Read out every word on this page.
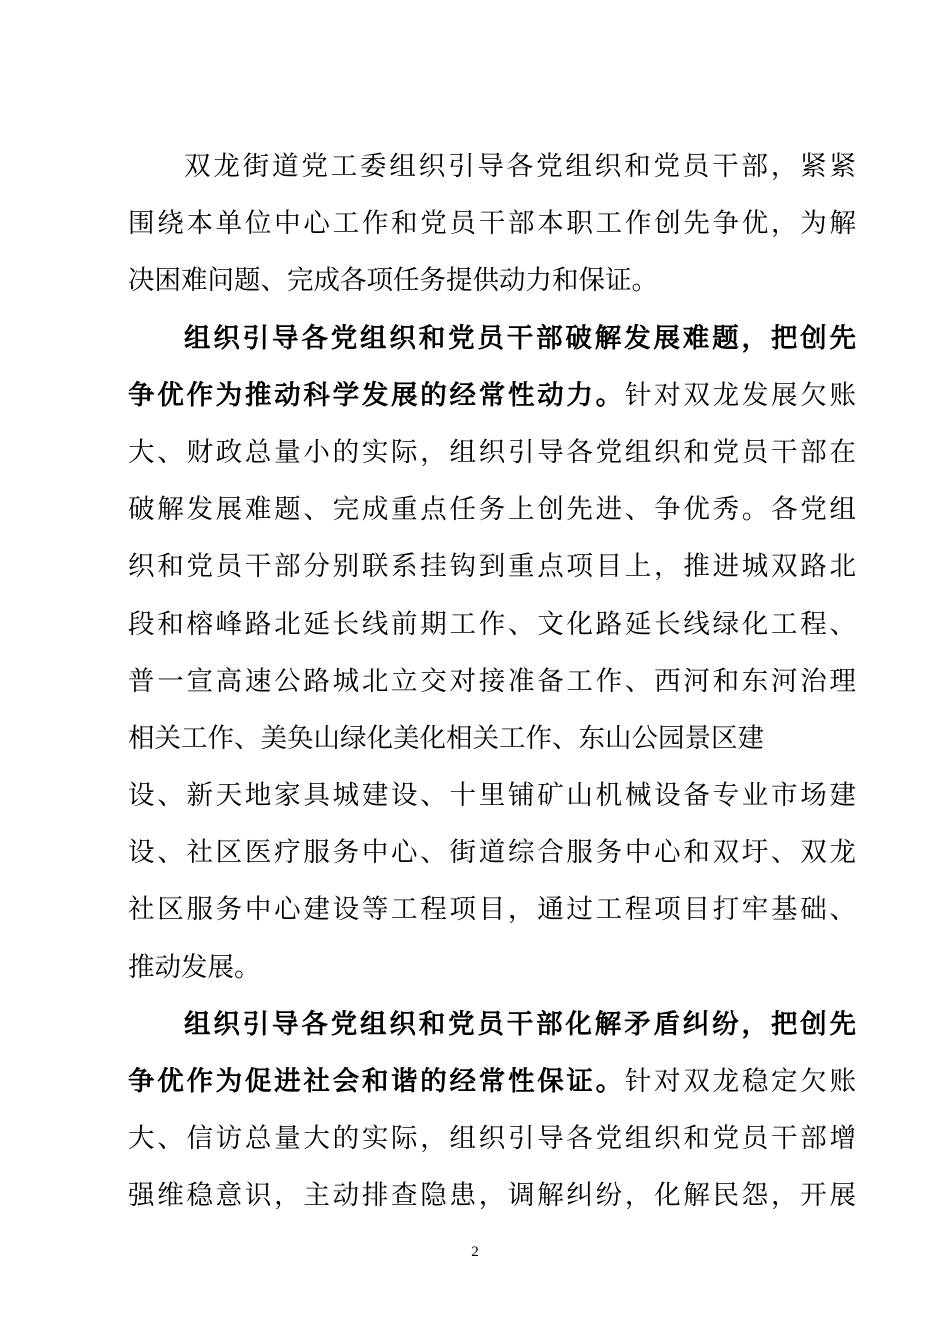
双龙街道党工委组织引导各党组织和党员干部，紧紧
围绕本单位中心工作和党员干部本职工作创先争优，为解
决困难问题、完成各项任务提供动力和保证。
组织引导各党组织和党员干部破解发展难题，把创先
争优作为推动科学发展的经常性动力。针对双龙发展欠账
大、财政总量小的实际，组织引导各党组织和党员干部在
破解发展难题、完成重点任务上创先进、争优秀。各党组
织和党员干部分别联系挂钩到重点项目上，推进城双路北
段和榕峰路北延长线前期工作、文化路延长线绿化工程、
普一宣高速公路城北立交对接准备工作、西河和东河治理
相关工作、美奂山绿化美化相关工作、东山公园景区建
设、新天地家具城建设、十里铺矿山机械设备专业市场建
设、社区医疗服务中心、街道综合服务中心和双圩、双龙
社区服务中心建设等工程项目，通过工程项目打牢基础、
推动发展。
组织引导各党组织和党员干部化解矛盾纠纷，把创先
争优作为促进社会和谐的经常性保证。针对双龙稳定欠账
大、信访总量大的实际，组织引导各党组织和党员干部增
强维稳意识，主动排查隐患，调解纠纷，化解民怨，开展
2
